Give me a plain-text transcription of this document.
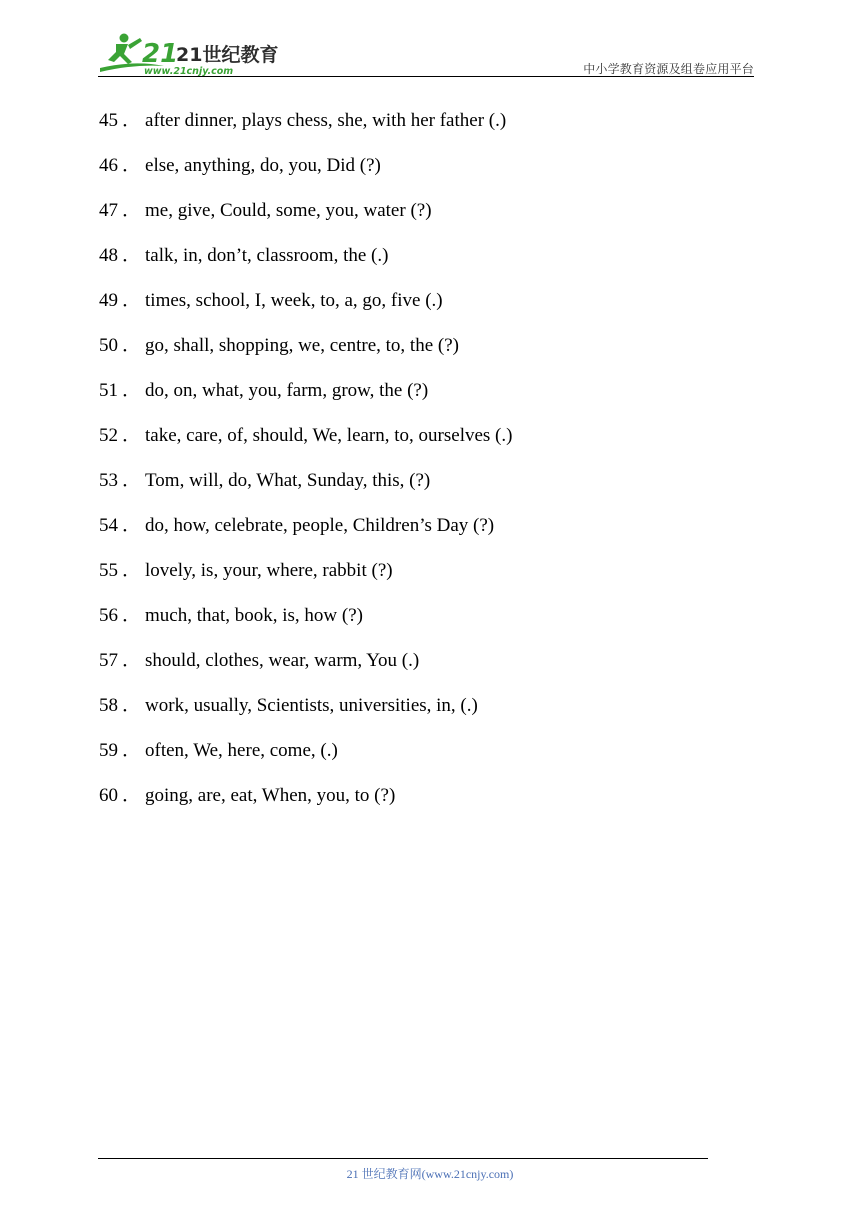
21
21世纪教育
www.21cnjy.com	中小学教育资源及组卷应用平台
45 ． after dinner, plays chess, she, with her father (.)
46 ． else, anything, do, you, Did (?)
47 ． me, give, Could, some, you, water (?)
48 ． talk, in, don’t, classroom, the (.)
49 ． times, school, I, week, to, a, go, five (.)
50 ． go, shall, shopping, we, centre, to, the (?)
51 ． do, on, what, you, farm, grow, the (?)
52 ． take, care, of, should, We, learn, to, ourselves (.)
53 ． Tom, will, do, What, Sunday, this, (?)
54 ． do, how, celebrate, people, Children’s Day (?)
55 ． lovely, is, your, where, rabbit (?)
56 ． much, that, book, is, how (?)
57 ． should, clothes, wear, warm, You (.)
58 ． work, usually, Scientists, universities, in, (.)
59 ． often, We, here, come, (.)
60 ． going, are, eat, When, you, to (?)
21 世纪教育网(www.21cnjy.com)
